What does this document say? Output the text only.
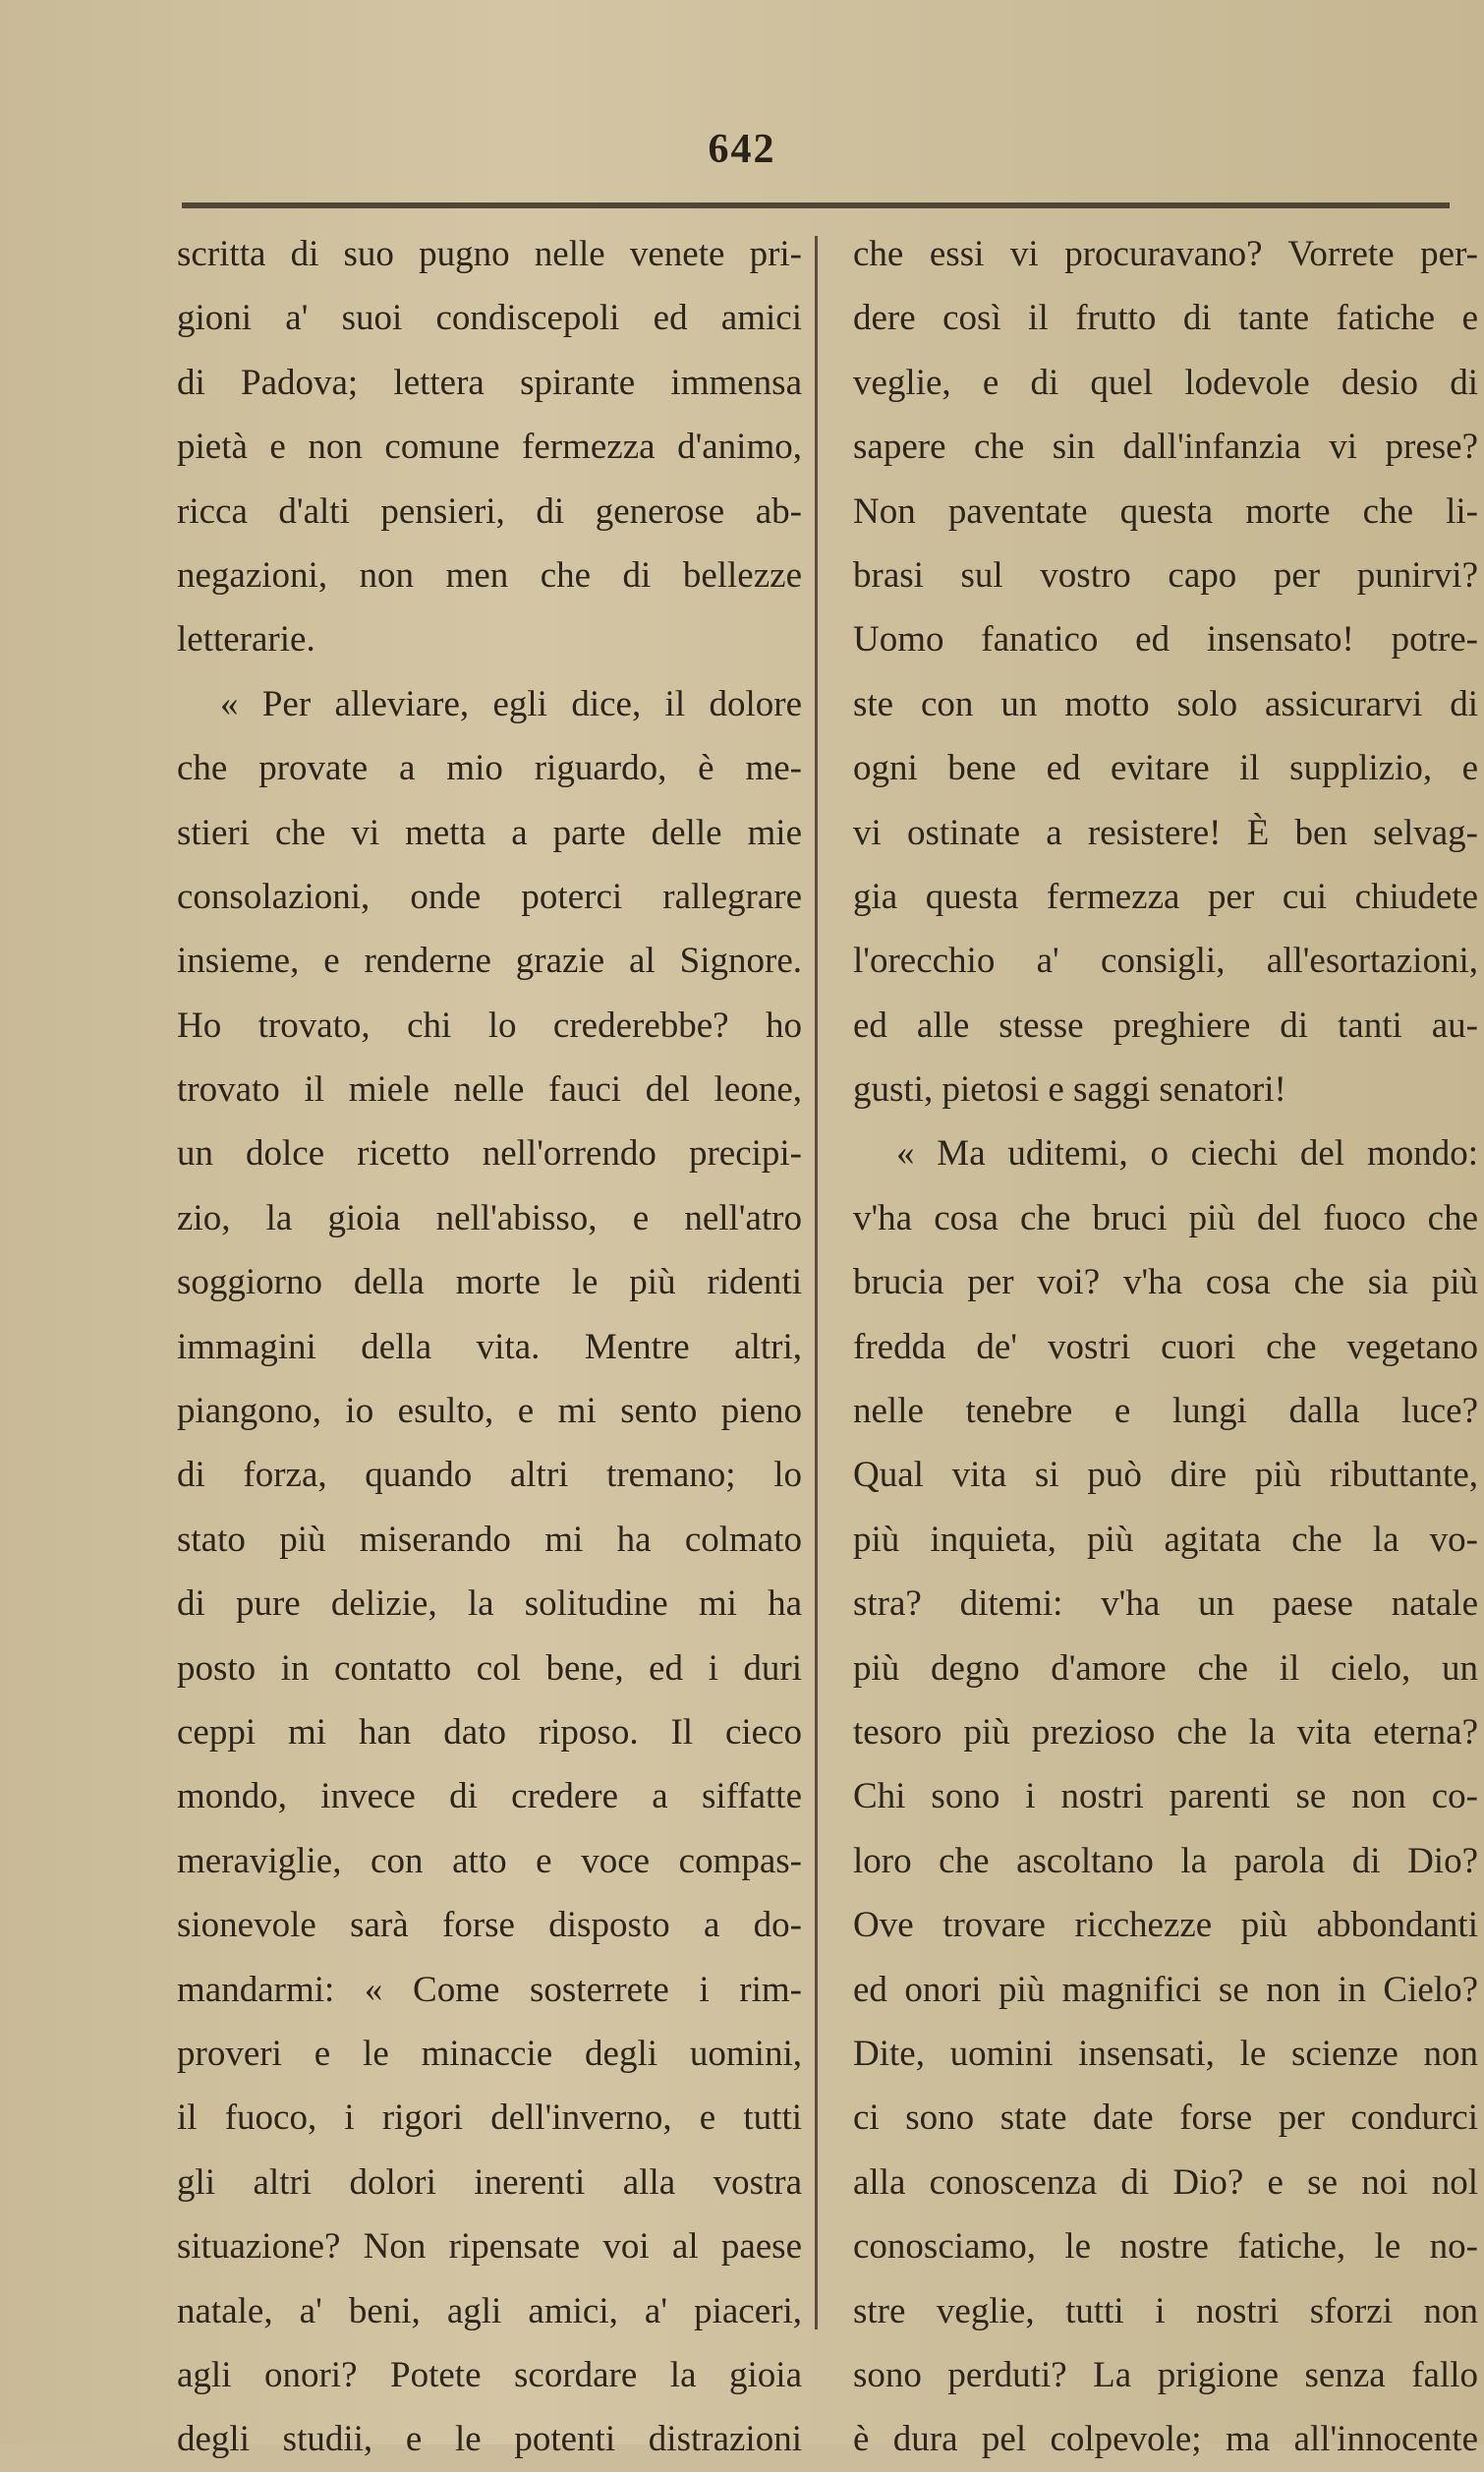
642
scritta di suo pugno nelle venete pri-
gioni a' suoi condiscepoli ed amici
di Padova; lettera spirante immensa
pietà e non comune fermezza d'animo,
ricca d'alti pensieri, di generose ab-
negazioni, non men che di bellezze
letterarie.
« Per alleviare, egli dice, il dolore
che provate a mio riguardo, è me-
stieri che vi metta a parte delle mie
consolazioni, onde poterci rallegrare
insieme, e renderne grazie al Signore.
Ho trovato, chi lo crederebbe? ho
trovato il miele nelle fauci del leone,
un dolce ricetto nell'orrendo precipi-
zio, la gioia nell'abisso, e nell'atro
soggiorno della morte le più ridenti
immagini della vita. Mentre altri,
piangono, io esulto, e mi sento pieno
di forza, quando altri tremano; lo
stato più miserando mi ha colmato
di pure delizie, la solitudine mi ha
posto in contatto col bene, ed i duri
ceppi mi han dato riposo. Il cieco
mondo, invece di credere a siffatte
meraviglie, con atto e voce compas-
sionevole sarà forse disposto a do-
mandarmi: « Come sosterrete i rim-
proveri e le minaccie degli uomini,
il fuoco, i rigori dell'inverno, e tutti
gli altri dolori inerenti alla vostra
situazione? Non ripensate voi al paese
natale, a' beni, agli amici, a' piaceri,
agli onori? Potete scordare la gioia
degli studii, e le potenti distrazioni
che essi vi procuravano? Vorrete per-
dere così il frutto di tante fatiche e
veglie, e di quel lodevole desio di
sapere che sin dall'infanzia vi prese?
Non paventate questa morte che li-
brasi sul vostro capo per punirvi?
Uomo fanatico ed insensato! potre-
ste con un motto solo assicurarvi di
ogni bene ed evitare il supplizio, e
vi ostinate a resistere! È ben selvag-
gia questa fermezza per cui chiudete
l'orecchio a' consigli, all'esortazioni,
ed alle stesse preghiere di tanti au-
gusti, pietosi e saggi senatori!
« Ma uditemi, o ciechi del mondo:
v'ha cosa che bruci più del fuoco che
brucia per voi? v'ha cosa che sia più
fredda de' vostri cuori che vegetano
nelle tenebre e lungi dalla luce?
Qual vita si può dire più ributtante,
più inquieta, più agitata che la vo-
stra? ditemi: v'ha un paese natale
più degno d'amore che il cielo, un
tesoro più prezioso che la vita eterna?
Chi sono i nostri parenti se non co-
loro che ascoltano la parola di Dio?
Ove trovare ricchezze più abbondanti
ed onori più magnifici se non in Cielo?
Dite, uomini insensati, le scienze non
ci sono state date forse per condurci
alla conoscenza di Dio? e se noi nol
conosciamo, le nostre fatiche, le no-
stre veglie, tutti i nostri sforzi non
sono perduti? La prigione senza fallo
è dura pel colpevole; ma all'innocente
